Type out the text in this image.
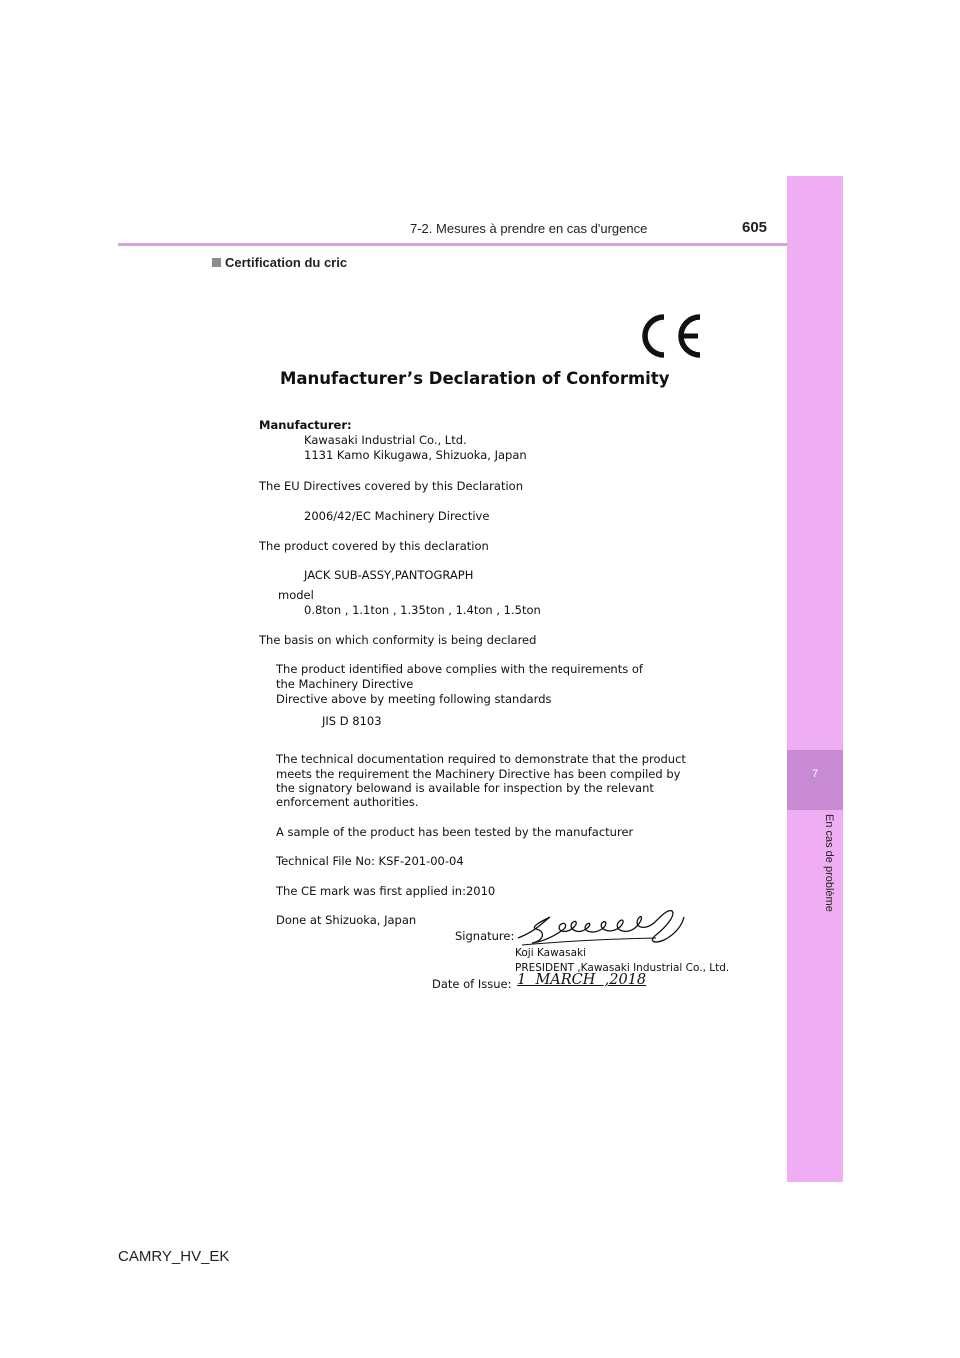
7
En cas de problème
7-2. Mesures à prendre en cas d'urgence	605
Certification du cric
Manufacturer’s Declaration of Conformity
Manufacturer:
Kawasaki Industrial Co., Ltd.
1131 Kamo Kikugawa, Shizuoka, Japan
The EU Directives covered by this Declaration
2006/42/EC Machinery Directive
The product covered by this declaration
JACK SUB-ASSY,PANTOGRAPH
model
0.8ton , 1.1ton , 1.35ton , 1.4ton , 1.5ton
The basis on which conformity is being declared
The product identified above complies with the requirements of
the Machinery Directive
Directive above by meeting following standards
JIS D 8103
The technical documentation required to demonstrate that the product
meets the requirement the Machinery Directive has been compiled by
the signatory belowand is available for inspection by the relevant
enforcement authorities.
A sample of the product has been tested by the manufacturer
Technical File No: KSF-201-00-04
The CE mark was first applied in:2010
Done at Shizuoka, Japan
Signature:
Koji Kawasaki
PRESIDENT ,Kawasaki Industrial Co., Ltd.
Date of Issue: 1  MARCH  ,2018
CAMRY_HV_EK
